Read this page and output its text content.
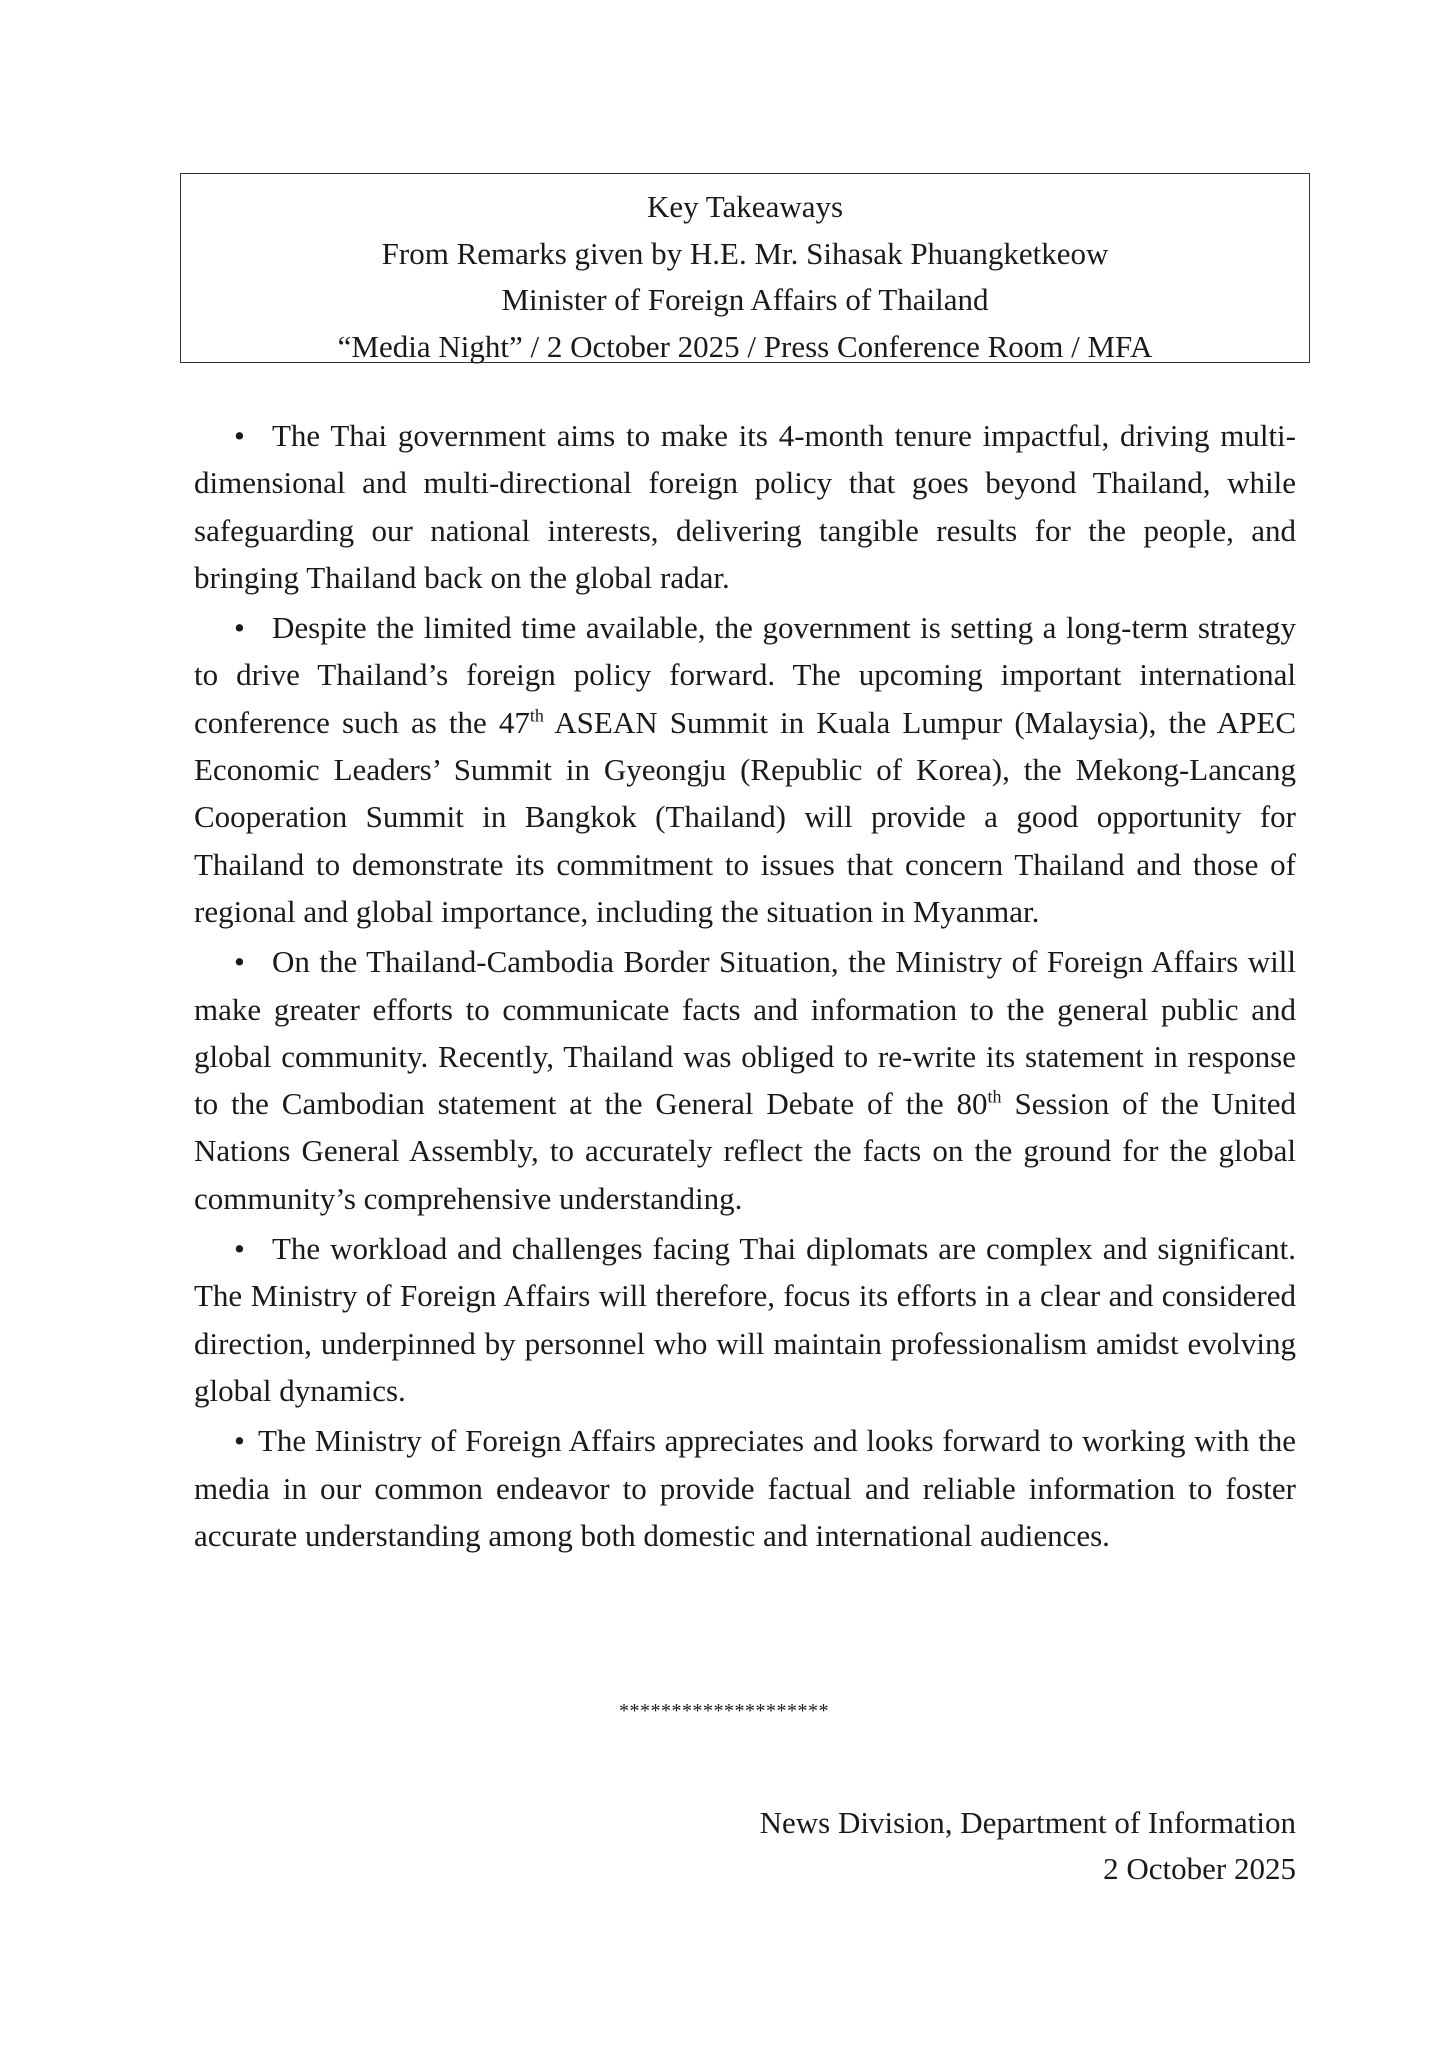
Key Takeaways
From Remarks given by H.E. Mr. Sihasak Phuangketkeow
Minister of Foreign Affairs of Thailand
“Media Night” / 2 October 2025 / Press Conference Room / MFA

• The Thai government aims to make its 4-month tenure impactful, driving multi-dimensional and multi-directional foreign policy that goes beyond Thailand, while safeguarding our national interests, delivering tangible results for the people, and bringing Thailand back on the global radar.

• Despite the limited time available, the government is setting a long-term strategy to drive Thailand’s foreign policy forward. The upcoming important international conference such as the 47th ASEAN Summit in Kuala Lumpur (Malaysia), the APEC Economic Leaders’ Summit in Gyeongju (Republic of Korea), the Mekong-Lancang Cooperation Summit in Bangkok (Thailand) will provide a good opportunity for Thailand to demonstrate its commitment to issues that concern Thailand and those of regional and global importance, including the situation in Myanmar.

• On the Thailand-Cambodia Border Situation, the Ministry of Foreign Affairs will make greater efforts to communicate facts and information to the general public and global community. Recently, Thailand was obliged to re-write its statement in response to the Cambodian statement at the General Debate of the 80th Session of the United Nations General Assembly, to accurately reflect the facts on the ground for the global community’s comprehensive understanding.

• The workload and challenges facing Thai diplomats are complex and significant. The Ministry of Foreign Affairs will therefore, focus its efforts in a clear and considered direction, underpinned by personnel who will maintain professionalism amidst evolving global dynamics.

• The Ministry of Foreign Affairs appreciates and looks forward to working with the media in our common endeavor to provide factual and reliable information to foster accurate understanding among both domestic and international audiences.

********************
News Division, Department of Information
2 October 2025
